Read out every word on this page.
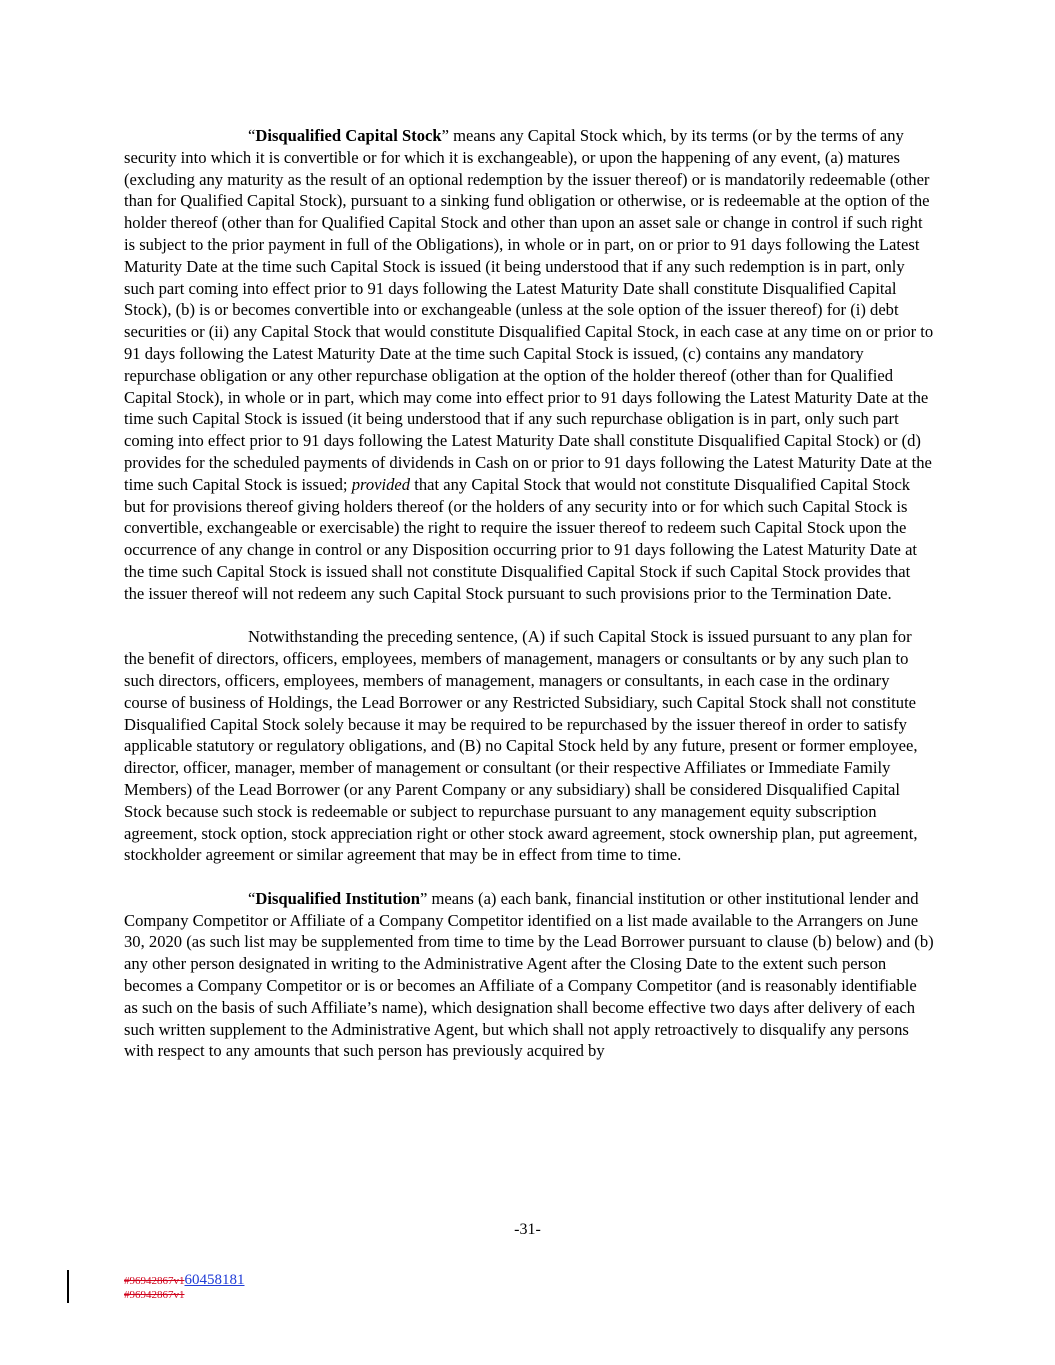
“Disqualified Capital Stock” means any Capital Stock which, by its terms (or by the terms of any security into which it is convertible or for which it is exchangeable), or upon the happening of any event, (a) matures (excluding any maturity as the result of an optional redemption by the issuer thereof) or is mandatorily redeemable (other than for Qualified Capital Stock), pursuant to a sinking fund obligation or otherwise, or is redeemable at the option of the holder thereof (other than for Qualified Capital Stock and other than upon an asset sale or change in control if such right is subject to the prior payment in full of the Obligations), in whole or in part, on or prior to 91 days following the Latest Maturity Date at the time such Capital Stock is issued (it being understood that if any such redemption is in part, only such part coming into effect prior to 91 days following the Latest Maturity Date shall constitute Disqualified Capital Stock), (b) is or becomes convertible into or exchangeable (unless at the sole option of the issuer thereof) for (i) debt securities or (ii) any Capital Stock that would constitute Disqualified Capital Stock, in each case at any time on or prior to 91 days following the Latest Maturity Date at the time such Capital Stock is issued, (c) contains any mandatory repurchase obligation or any other repurchase obligation at the option of the holder thereof (other than for Qualified Capital Stock), in whole or in part, which may come into effect prior to 91 days following the Latest Maturity Date at the time such Capital Stock is issued (it being understood that if any such repurchase obligation is in part, only such part coming into effect prior to 91 days following the Latest Maturity Date shall constitute Disqualified Capital Stock) or (d) provides for the scheduled payments of dividends in Cash on or prior to 91 days following the Latest Maturity Date at the time such Capital Stock is issued; provided that any Capital Stock that would not constitute Disqualified Capital Stock but for provisions thereof giving holders thereof (or the holders of any security into or for which such Capital Stock is convertible, exchangeable or exercisable) the right to require the issuer thereof to redeem such Capital Stock upon the occurrence of any change in control or any Disposition occurring prior to 91 days following the Latest Maturity Date at the time such Capital Stock is issued shall not constitute Disqualified Capital Stock if such Capital Stock provides that the issuer thereof will not redeem any such Capital Stock pursuant to such provisions prior to the Termination Date.

Notwithstanding the preceding sentence, (A) if such Capital Stock is issued pursuant to any plan for the benefit of directors, officers, employees, members of management, managers or consultants or by any such plan to such directors, officers, employees, members of management, managers or consultants, in each case in the ordinary course of business of Holdings, the Lead Borrower or any Restricted Subsidiary, such Capital Stock shall not constitute Disqualified Capital Stock solely because it may be required to be repurchased by the issuer thereof in order to satisfy applicable statutory or regulatory obligations, and (B) no Capital Stock held by any future, present or former employee, director, officer, manager, member of management or consultant (or their respective Affiliates or Immediate Family Members) of the Lead Borrower (or any Parent Company or any subsidiary) shall be considered Disqualified Capital Stock because such stock is redeemable or subject to repurchase pursuant to any management equity subscription agreement, stock option, stock appreciation right or other stock award agreement, stock ownership plan, put agreement, stockholder agreement or similar agreement that may be in effect from time to time.

“Disqualified Institution” means (a) each bank, financial institution or other institutional lender and Company Competitor or Affiliate of a Company Competitor identified on a list made available to the Arrangers on June 30, 2020 (as such list may be supplemented from time to time by the Lead Borrower pursuant to clause (b) below) and (b) any other person designated in writing to the Administrative Agent after the Closing Date to the extent such person becomes a Company Competitor or is or becomes an Affiliate of a Company Competitor (and is reasonably identifiable as such on the basis of such Affiliate’s name), which designation shall become effective two days after delivery of each such written supplement to the Administrative Agent, but which shall not apply retroactively to disqualify any persons with respect to any amounts that such person has previously acquired by

-31-
#96942867v160458181
#96942867v1
